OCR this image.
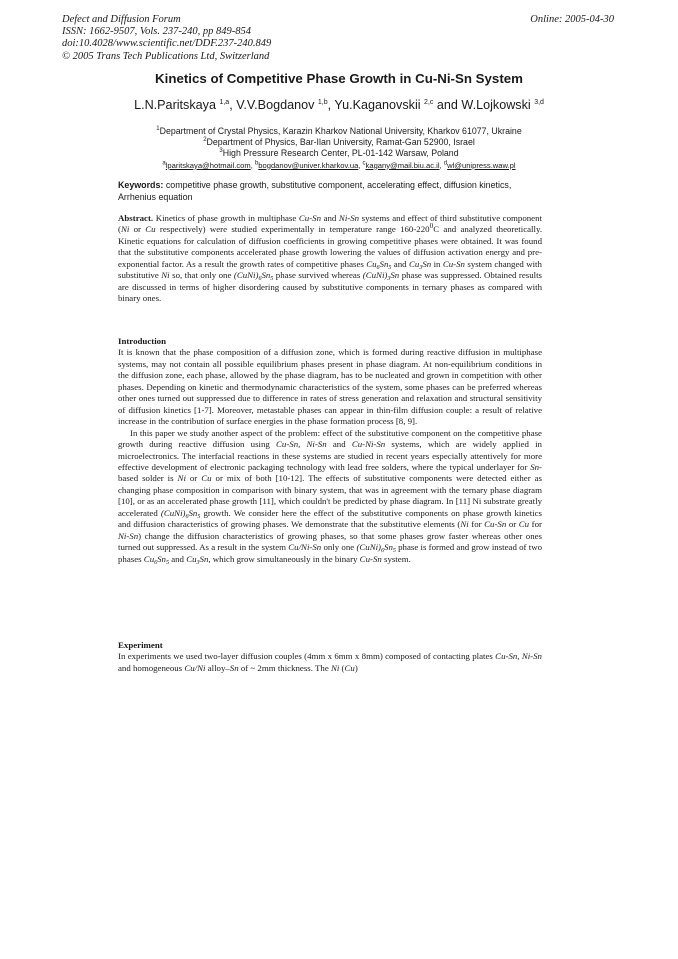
Defect and Diffusion Forum
ISSN: 1662-9507, Vols. 237-240, pp 849-854
doi:10.4028/www.scientific.net/DDF.237-240.849
© 2005 Trans Tech Publications Ltd, Switzerland
Online: 2005-04-30
Kinetics of Competitive Phase Growth in Cu-Ni-Sn System
L.N.Paritskaya $^{1,a}$, V.V.Bogdanov $^{1,b}$, Yu.Kaganovskii $^{2,c}$ and W.Lojkowski $^{3,d}$
$^1$Department of Crystal Physics, Karazin Kharkov National University, Kharkov 61077, Ukraine
$^2$Department of Physics, Bar-Ilan University, Ramat-Gan 52900, Israel
$^3$High Pressure Research Center, PL-01-142 Warsaw, Poland
$^a$lparitskaya@hotmail.com, $^b$bogdanov@univer.kharkov.ua, $^c$kagany@mail.biu.ac.il, $^d$wl@unipress.waw.pl
Keywords: competitive phase growth, substitutive component, accelerating effect, diffusion kinetics, Arrhenius equation

Abstract. Kinetics of phase growth in multiphase Cu-Sn and Ni-Sn systems and effect of third substitutive component (Ni or Cu respectively) were studied experimentally in temperature range $160-220^0C$ and analyzed theoretically. Kinetic equations for calculation of diffusion coefficients in growing competitive phases were obtained. It was found that the substitutive components accelerated phase growth lowering the values of diffusion activation energy and pre-exponential factor. As a result the growth rates of competitive phases $Cu_6Sn_5$ and $Cu_3Sn$ in Cu-Sn system changed with substitutive Ni so, that only one $(CuNi)_6Sn_5$ phase survived whereas $(CuNi)_3Sn$ phase was suppressed. Obtained results are discussed in terms of higher disordering caused by substitutive components in ternary phases as compared with binary ones.

Introduction

It is known that the phase composition of a diffusion zone, which is formed during reactive diffusion in multiphase systems, may not contain all possible equilibrium phases present in phase diagram. At non-equilibrium conditions in the diffusion zone, each phase, allowed by the phase diagram, has to be nucleated and grown in competition with other phases. Depending on kinetic and thermodynamic characteristics of the system, some phases can be preferred whereas other ones turned out suppressed due to difference in rates of stress generation and relaxation and structural sensitivity of diffusion kinetics [1-7]. Moreover, metastable phases can appear in thin-film diffusion couple: a result of relative increase in the contribution of surface energies in the phase formation process [8, 9].

In this paper we study another aspect of the problem: effect of the substitutive component on the competitive phase growth during reactive diffusion using Cu-Sn, Ni-Sn and Cu-Ni-Sn systems, which are widely applied in microelectronics. The interfacial reactions in these systems are studied in recent years especially attentively for more effective development of electronic packaging technology with lead free solders, where the typical underlayer for Sn-based solder is Ni or Cu or mix of both [10-12]. The effects of substitutive components were detected either as changing phase composition in comparison with binary system, that was in agreement with the ternary phase diagram [10], or as an accelerated phase growth [11], which couldn't be predicted by phase diagram. In [11] Ni substrate greatly accelerated $(CuNi)_6Sn_5$ growth. We consider here the effect of the substitutive components on phase growth kinetics and diffusion characteristics of growing phases. We demonstrate that the substitutive elements (Ni for Cu-Sn or Cu for Ni-Sn) change the diffusion characteristics of growing phases, so that some phases grow faster whereas other ones turned out suppressed. As a result in the system Cu/Ni-Sn only one $(CuNi)_6Sn_5$ phase is formed and grow instead of two phases $Cu_6Sn_5$ and $Cu_3Sn$, which grow simultaneously in the binary Cu-Sn system.

Experiment

In experiments we used two-layer diffusion couples (4mm x 6mm x 8mm) composed of contacting plates Cu-Sn, Ni-Sn and homogeneous Cu/Ni alloy–Sn of ~ 2mm thickness. The Ni (Cu)
